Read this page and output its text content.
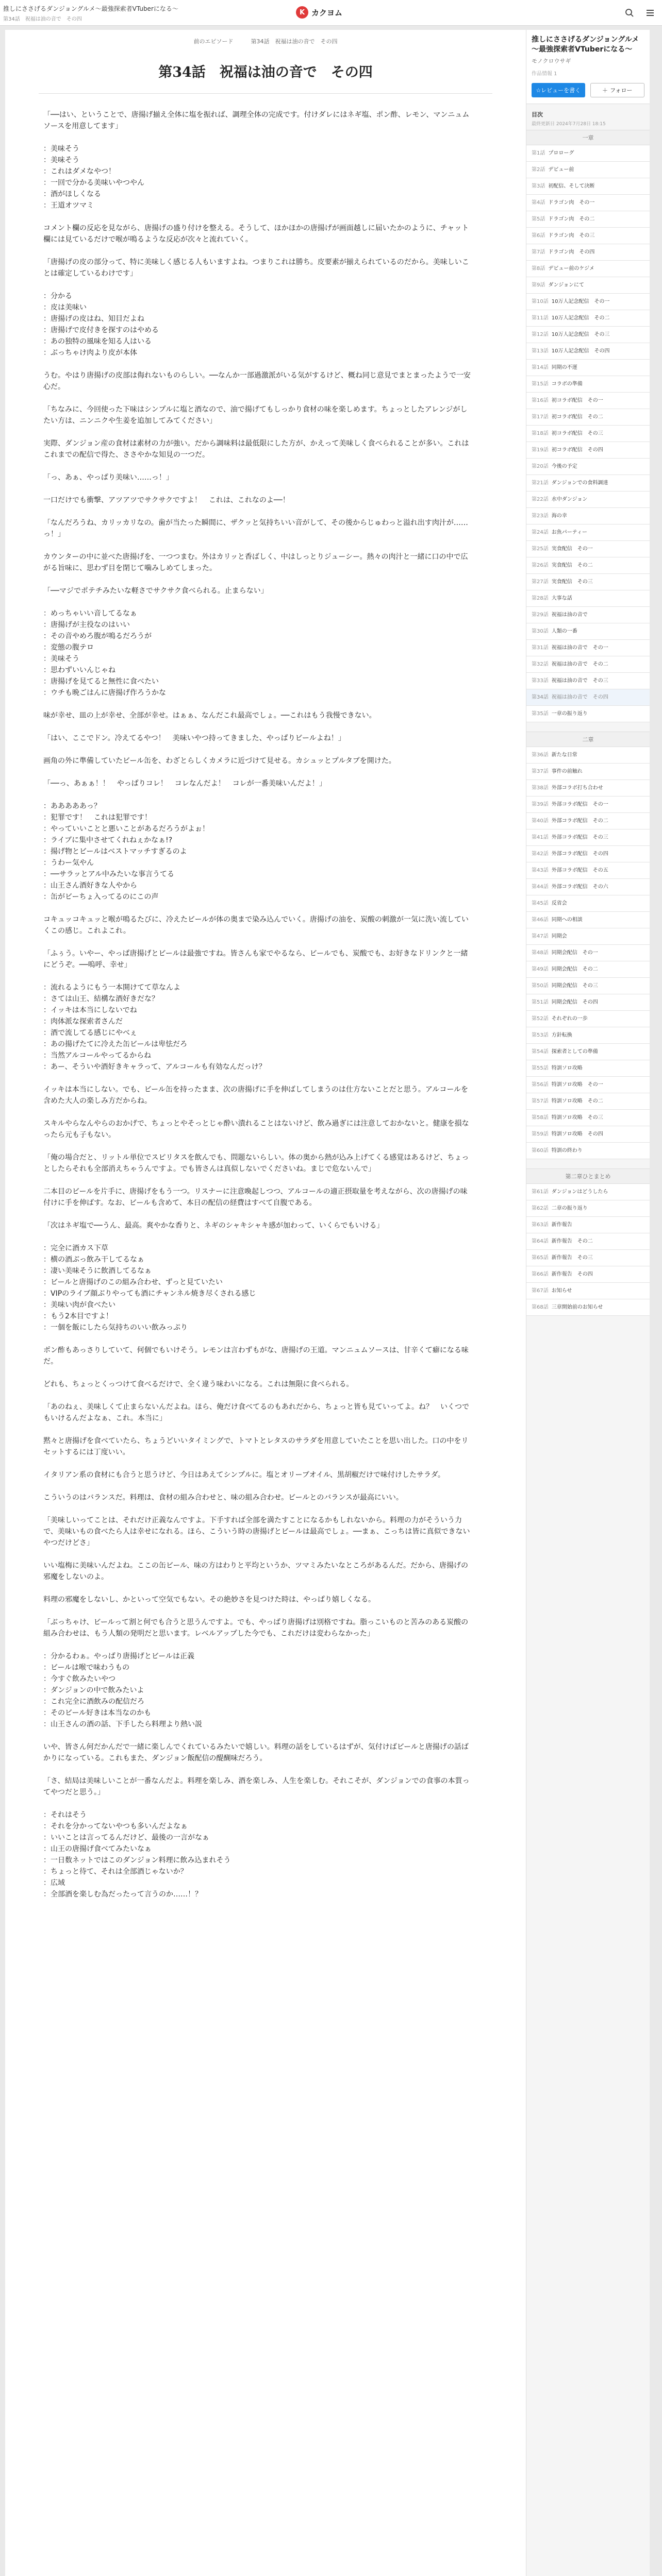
推しにささげるダンジョングルメ～最強探索者VTuberになる～
第34話　祝福は油の音で　その四
K カクヨム
前のエピソード	第34話　祝福は油の音で　その四
第34話　祝福は油の音で　その四

「──はい、ということで、唐揚げ揃え全体に塩を振れば、調理全体の完成です。付けダレにはネギ塩、ポン酢、レモン、マンニュムソースを用意してます」

：美味そう
：美味そう
：これはダメなやつ！
：一回で分かる美味いやつやん
：酒がほしくなる
：王道オツマミ

コメント欄の反応を見ながら、唐揚げの盛り付けを整える。そうして、ほかほかの唐揚げが画面越しに届いたかのように、チャット欄には見ているだけで喉が鳴るような反応が次々と流れていく。

「唐揚げの皮の部分って、特に美味しく感じる人もいますよね。つまりこれは勝ち。皮要素が揃えられているのだから。美味しいことは確定しているわけです」

：分かる
：皮は美味い
：唐揚げの皮はね、知目だよね
：唐揚げで皮付きを探すのはやめる
：あの独特の風味を知る人はいる
：ぶっちゃけ肉より皮が本体

うむ。やはり唐揚げの皮部は侮れないものらしい。──なんか一部過激派がいる気がするけど、概ね同じ意見でまとまったようで一安心だ。

「ちなみに、今回使った下味はシンプルに塩と酒なので、油で揚げてもしっかり食材の味を楽しめます。ちょっとしたアレンジがしたい方は、ニンニクや生姜を追加してみてください」

実際、ダンジョン産の食材は素材の力が強い。だから調味料は最低限にした方が、かえって美味しく食べられることが多い。これはこれまでの配信で得た、ささやかな知見の一つだ。

「っ、あぁ、やっぱり美味い……っ！」

一口だけでも衝撃、アツアツでサクサクですよ！　これは、これなのよ──！

「なんだろうね、カリッカリなの。歯が当たった瞬間に、ザクッと気持ちいい音がして、その後からじゅわっと溢れ出す肉汁が……っ！」

カウンターの中に並べた唐揚げを、一つつまむ。外はカリッと香ばしく、中はしっとりジューシー。熱々の肉汁と一緒に口の中で広がる旨味に、思わず目を閉じて噛みしめてしまった。

「──マジでポテチみたいな軽さでサクサク食べられる。止まらない」

：めっちゃいい音してるなぁ
：唐揚げが主役なのはいい
：その音やめろ腹が鳴るだろうが
：変態の腹テロ
：美味そう
：思わずいいんじゃね
：唐揚げを見てると無性に食べたい
：ウチも晩ごはんに唐揚げ作ろうかな

味が幸せ、皿の上が幸せ、全部が幸せ。はぁぁ、なんだこれ最高でしょ。──これはもう我慢できない。

「はい、ここでドン。冷えてるやつ！　美味いやつ持ってきました、やっぱりビールよね！」

画角の外に準備していたビール缶を、わざとらしくカメラに近づけて見せる。カシュッとプルタブを開けた。

「──っ、あぁぁ！！　やっぱりコレ！　コレなんだよ！　コレが一番美味いんだよ！」

：あああああっ？
：犯罪です！　これは犯罪です！
：やっていいことと悪いことがあるだろうがよぉ！
：ライブに集中させてくれねぇかなぁ!?
：揚げ物とビールはベストマッチすぎるのよ
：うわー気やん
：──サラッとアル中みたいな事言うてる
：山王さん酒好きな人やから
：缶がビーちょ入ってるのにこの声

コキュッコキュッと喉が鳴るたびに、冷えたビールが体の奥まで染み込んでいく。唐揚げの油を、炭酸の刺激が一気に洗い流していくこの感じ。これよこれ。

「ふぅう。いやー、やっぱ唐揚げとビールは最強ですね。皆さんも家でやるなら、ビールでも、炭酸でも、お好きなドリンクと一緒にどうぞ。──嗚呼、幸せ」

：流れるようにもう一本開けてて草なんよ
：さては山王、結構な酒好きだな？
：イッキは本当にしないでね
：肉体派な探索者さんだ
：酒で流してる感じにやべぇ
：あの揚げたてに冷えた缶ビールは卑怯だろ
：当然アルコールやってるからね
：あー、そういや酒好きキャラって、アルコールも有効なんだっけ？

イッキは本当にしない。でも、ビール缶を持ったまま、次の唐揚げに手を伸ばしてしまうのは仕方ないことだと思う。アルコールを含めた大人の楽しみ方だからね。

スキルやらなんやらのおかげで、ちょっとやそっとじゃ酔い潰れることはないけど、飲み過ぎには注意しておかないと。健康を損なったら元も子もない。

「俺の場合だと、リットル単位でスピリタスを飲んでも、問題ないらしい。体の奥から熱が込み上げてくる感覚はあるけど、ちょっとしたらそれも全部消えちゃうんですよ。でも皆さんは真似しないでくださいね。まじで危ないんで」

二本目のビールを片手に、唐揚げをもう一つ。リスナーに注意喚起しつつ、アルコールの適正摂取量を考えながら、次の唐揚げの味付けに手を伸ばす。なお、ビールも含めて、本日の配信の経費はすべて自腹である。

「次はネギ塩で──うん、最高。爽やかな香りと、ネギのシャキシャキ感が加わって、いくらでもいける」

：完全に酒カス下草
：横の酒ぶっ飲み干してるなぁ
：凄い美味そうに飲酒してるなぁ
：ビールと唐揚げのこの組み合わせ、ずっと見ていたい
：VIPのライブ顔ぶりやっても酒にチャンネル焼き尽くされる感じ
：美味い肉が食べたい
：もう2本目ですよ！
：一個を飯にしたら気持ちのいい飲みっぷり

ポン酢もあっさりしていて、何個でもいけそう。レモンは言わずもがな、唐揚げの王道。マンニュムソースは、甘辛くて癖になる味だ。

どれも、ちょっとくっつけて食べるだけで、全く違う味わいになる。これは無限に食べられる。

「あのねぇ、美味しくて止まらないんだよね。ほら、俺だけ食べてるのもあれだから、ちょっと皆も見ていってよ。ね？　いくつでもいけるんだよなぁ、これ。本当に」

黙々と唐揚げを食べていたら、ちょうどいいタイミングで、トマトとレタスのサラダを用意していたことを思い出した。口の中をリセットするには丁度いい。

イタリアン系の食材にも合うと思うけど、今日はあえてシンプルに。塩とオリーブオイル、黒胡椒だけで味付けしたサラダ。

こういうのはバランスだ。料理は、食材の組み合わせと、味の組み合わせ。ビールとのバランスが最高にいい。

「美味しいってことは、それだけ正義なんですよ。下手すれば全部を満たすことになるかもしれないから。料理の力がそういう力で、美味いもの食べたら人は幸せになれる。ほら、こういう時の唐揚げとビールは最高でしょ。──まぁ、こっちは皆に真似できないやつだけどさ」

いい塩梅に美味いんだよね。ここの缶ビール、味の方はわりと平均というか、ツマミみたいなところがあるんだ。だから、唐揚げの邪魔をしないのよ。

料理の邪魔をしないし、かといって空気でもない。その絶妙さを見つけた時は、やっぱり嬉しくなる。

「ぶっちゃけ、ビールって割と何でも合うと思うんですよ。でも、やっぱり唐揚げは別格ですね。脂っこいものと苦みのある炭酸の組み合わせは、もう人類の発明だと思います。レベルアップした今でも、これだけは変わらなかった」

：分かるわぁ。やっぱり唐揚げとビールは正義
：ビールは喉で味わうもの
：今すぐ飲みたいやつ
：ダンジョンの中で飲みたいよ
：これ完全に酒飲みの配信だろ
：そのビール好きは本当なのかも
：山王さんの酒の話、下手したら料理より熱い説

いや、皆さん何だかんだで一緒に楽しんでくれているみたいで嬉しい。料理の話をしているはずが、気付けばビールと唐揚げの話ばかりになっている。これもまた、ダンジョン飯配信の醍醐味だろう。

「さ、結局は美味しいことが一番なんだよ。料理を楽しみ、酒を楽しみ、人生を楽しむ。それこそが、ダンジョンでの食事の本質ってやつだと思う。」

：それはそう
：それを分かってないやつも多いんだよなぁ
：いいことは言ってるんだけど、最後の一言がなぁ
：山王の唐揚げ食べてみたいなぁ
：一日数ネットではこのダンジョン料理に飲み込まれそう
：ちょっと待て、それは全部酒じゃないか？
：広域
：全部酒を楽しむ為だったって言うのか……！？

推しにささげるダンジョングルメ～最強探索者VTuberになる～
モノクロウサギ
作品情報 1
☆レビューを書く	＋ フォロー
目次
最終更新日 2024年7月28日 18:15
一章
第1話 プロローグ
第2話 デビュー前
第3話 初配信、そして決断
第4話 ドラゴン肉　その一
第5話 ドラゴン肉　その二
第6話 ドラゴン肉　その三
第7話 ドラゴン肉　その四
第8話 デビュー前のケジメ
第9話 ダンジョンにて
第10話 10万人記念配信　その一
第11話 10万人記念配信　その二
第12話 10万人記念配信　その三
第13話 10万人記念配信　その四
第14話 同期の不運
第15話 コラボの準備
第16話 初コラボ配信　その一
第17話 初コラボ配信　その二
第18話 初コラボ配信　その三
第19話 初コラボ配信　その四
第20話 今後の予定
第21話 ダンジョンでの食料調達
第22話 水中ダンジョン
第23話 海の幸
第24話 お魚パーティー
第25話 実食配信　その一
第26話 実食配信　その二
第27話 実食配信　その三
第28話 大事な話
第29話 祝福は油の音で
第30話 人類の一番
第31話 祝福は油の音で　その一
第32話 祝福は油の音で　その二
第33話 祝福は油の音で　その三
第34話 祝福は油の音で　その四
第35話 一章の振り返り
二章
第36話 新たな日常
第37話 事件の前触れ
第38話 外部コラボ打ち合わせ
第39話 外部コラボ配信　その一
第40話 外部コラボ配信　その二
第41話 外部コラボ配信　その三
第42話 外部コラボ配信　その四
第43話 外部コラボ配信　その五
第44話 外部コラボ配信　その六
第45話 反省会
第46話 同期への相談
第47話 同期会
第48話 同期会配信　その一
第49話 同期会配信　その二
第50話 同期会配信　その三
第51話 同期会配信　その四
第52話 それぞれの一歩
第53話 方針転換
第54話 探索者としての準備
第55話 特訓ソロ攻略
第56話 特訓ソロ攻略　その一
第57話 特訓ソロ攻略　その二
第58話 特訓ソロ攻略　その三
第59話 特訓ソロ攻略　その四
第60話 特訓の終わり
第二章ひとまとめ
第61話 ダンジョンはどうしたら
第62話 二章の振り返り
第63話 新作報告
第64話 新作報告　その二
第65話 新作報告　その三
第66話 新作報告　その四
第67話 お知らせ
第68話 三章開始前のお知らせ
